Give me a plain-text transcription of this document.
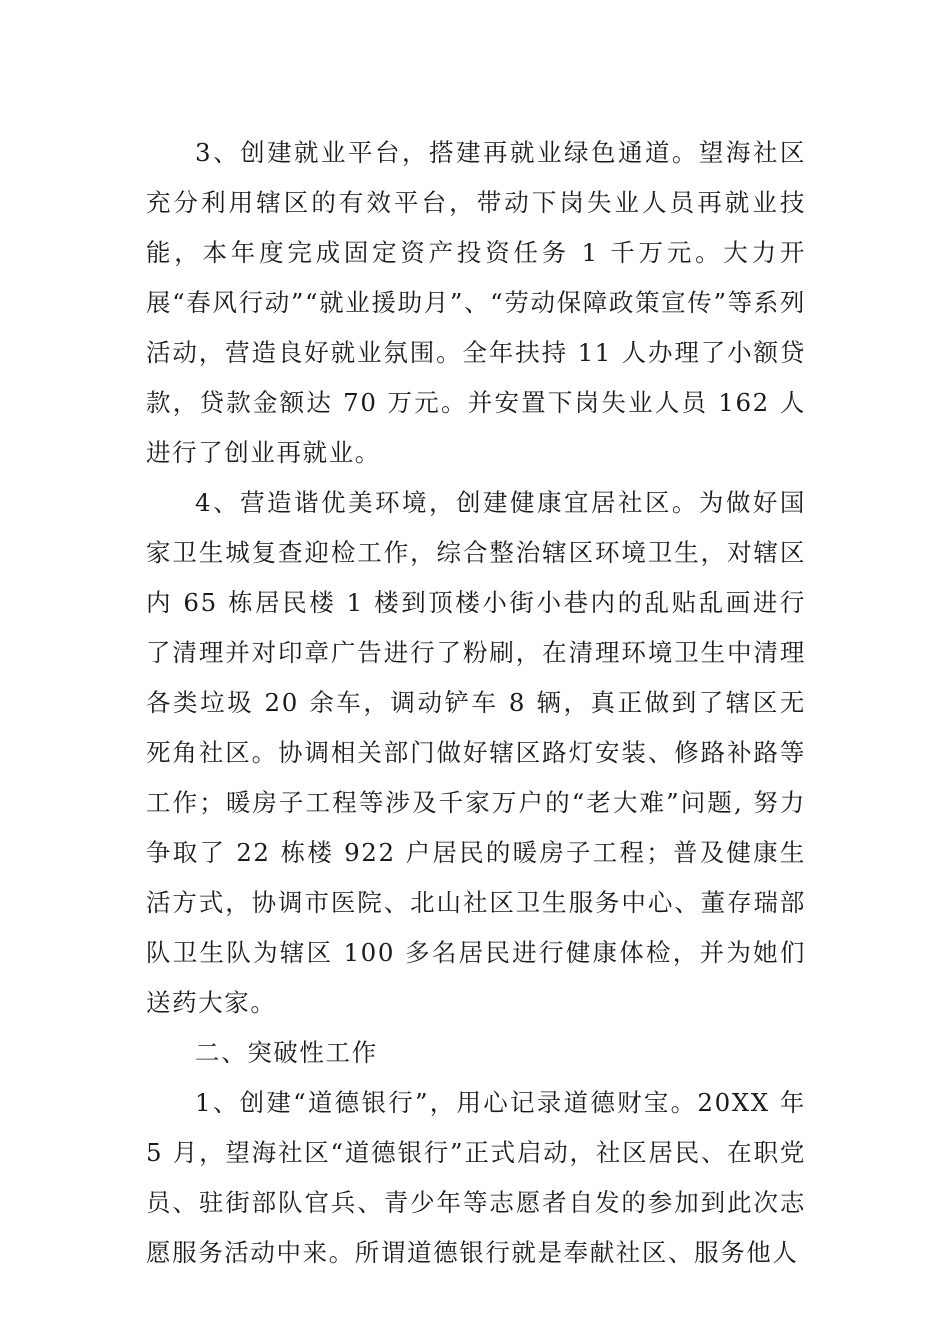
3、创建就业平台，搭建再就业绿色通道。望海社区充分利用辖区的有效平台，带动下岗失业人员再就业技能，本年度完成固定资产投资任务 1 千万元。大力开展“春风行动”“就业援助月”、“劳动保障政策宣传”等系列活动，营造良好就业氛围。全年扶持 11 人办理了小额贷款，贷款金额达 70 万元。并安置下岗失业人员 162 人进行了创业再就业。

4、营造谐优美环境，创建健康宜居社区。为做好国家卫生城复查迎检工作，综合整治辖区环境卫生，对辖区内 65 栋居民楼 1 楼到顶楼小街小巷内的乱贴乱画进行了清理并对印章广告进行了粉刷，在清理环境卫生中清理各类垃圾 20 余车，调动铲车 8 辆，真正做到了辖区无死角社区。协调相关部门做好辖区路灯安装、修路补路等工作；暖房子工程等涉及千家万户的“老大难”问题, 努力争取了 22 栋楼 922 户居民的暖房子工程；普及健康生活方式，协调市医院、北山社区卫生服务中心、董存瑞部队卫生队为辖区 100 多名居民进行健康体检，并为她们送药大家。

二、突破性工作

1、创建“道德银行”，用心记录道德财宝。20XX 年 5 月，望海社区“道德银行”正式启动，社区居民、在职党员、驻街部队官兵、青少年等志愿者自发的参加到此次志愿服务活动中来。所谓道德银行就是奉献社区、服务他人
